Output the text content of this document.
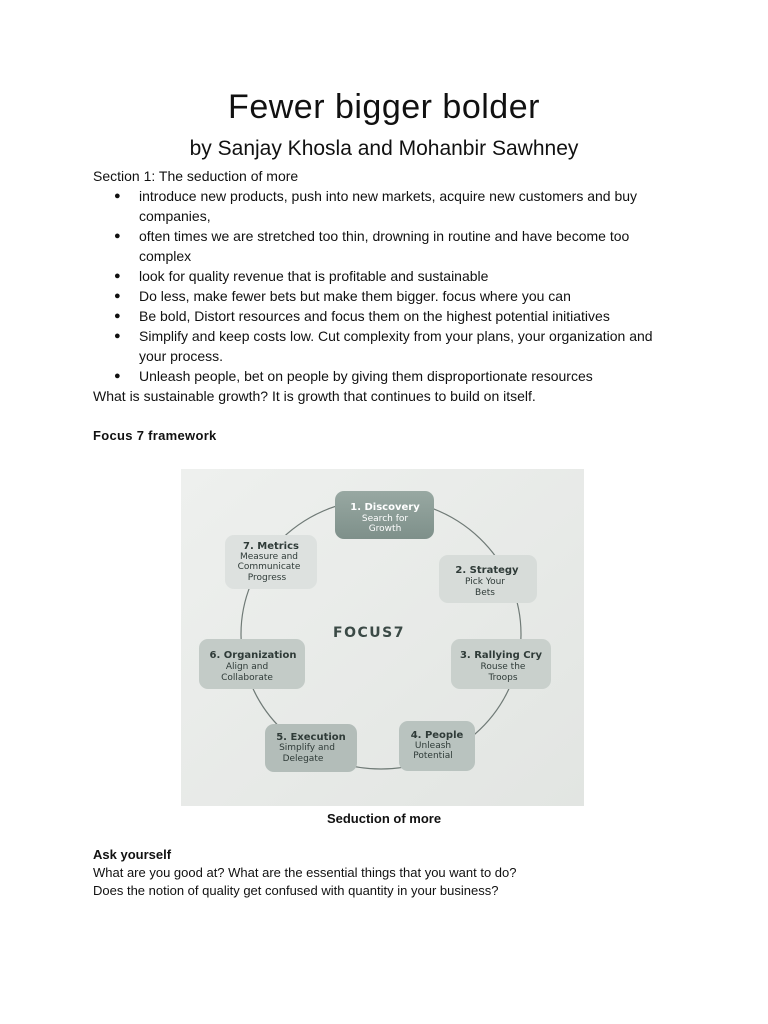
Fewer bigger bolder
by Sanjay Khosla and Mohanbir Sawhney
Section 1: The seduction of more
● introduce new products, push into new markets, acquire new customers and buy companies,
● often times we are stretched too thin, drowning in routine and have become too complex
● look for quality revenue that is profitable and sustainable
● Do less, make fewer bets but make them bigger. focus where you can
● Be bold, Distort resources and focus them on the highest potential initiatives
● Simplify and keep costs low. Cut complexity from your plans, your organization and your process.
● Unleash people, bet on people by giving them disproportionate resources
What is sustainable growth? It is growth that continues to build on itself.
Focus 7 framework
FOCUS7
1. Discovery
Search for
Growth
2. Strategy
Pick Your
Bets
3. Rallying Cry
Rouse the
Troops
4. People
Unleash
Potential
5. Execution
Simplify and
Delegate
6. Organization
Align and
Collaborate
7. Metrics
Measure and
Communicate
Progress
Seduction of more
Ask yourself
What are you good at? What are the essential things that you want to do?
Does the notion of quality get confused with quantity in your business?
